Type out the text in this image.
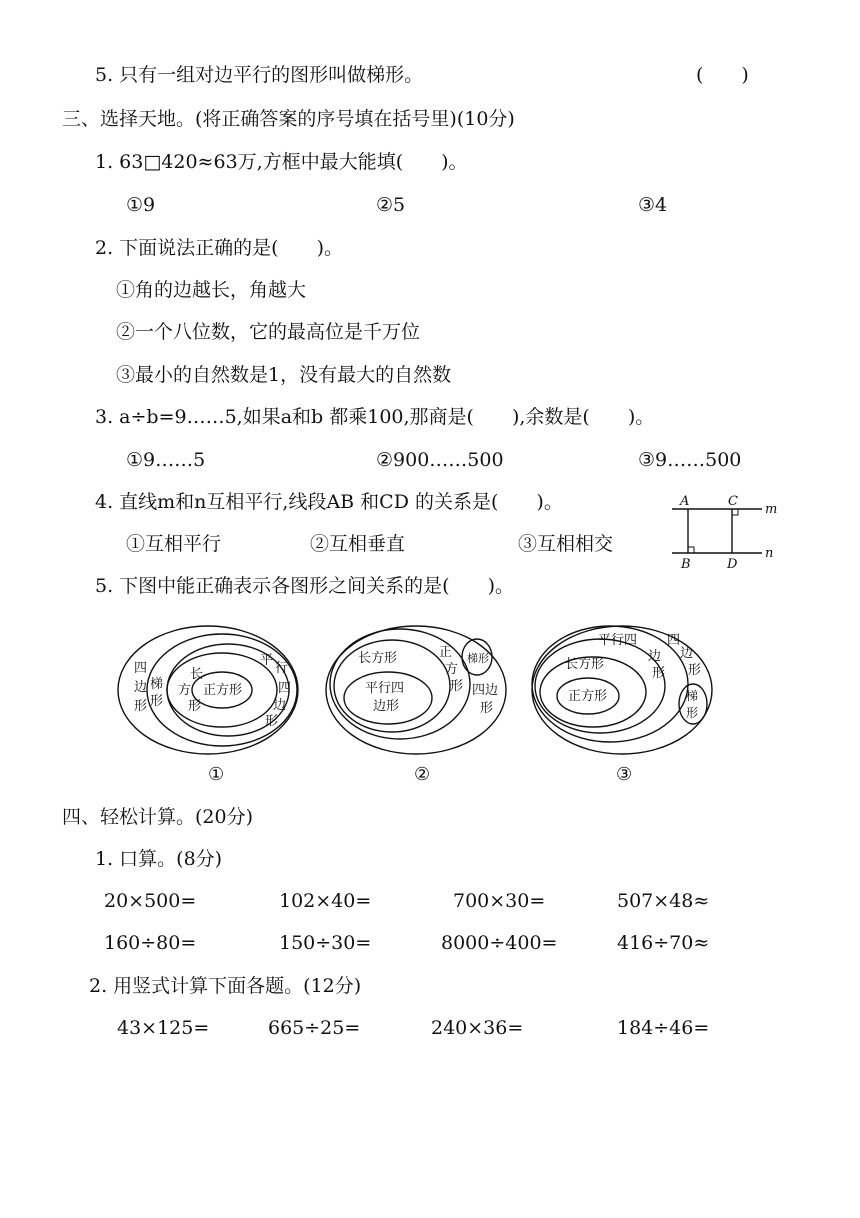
5. 只有一组对边平行的图形叫做梯形。	(　　)
三、选择天地。(将正确答案的序号填在括号里)(10分)
1. 63□420≈63万,方框中最大能填(　　)。
①9	②5	③4
2. 下面说法正确的是(　　)。
①角的边越长，角越大
②一个八位数，它的最高位是千万位
③最小的自然数是1，没有最大的自然数
3. a÷b=9……5,如果a和b 都乘100,那商是(　　),余数是(　　)。
①9……5	②900……500	③9……500
4. 直线m和n互相平行,线段AB 和CD 的关系是(　　)。
①互相平行	②互相垂直	③互相相交
A	C
B	D
m
n
5. 下图中能正确表示各图形之间关系的是(　　)。
四
边
形
梯
形
平
行
四
边
形
长
方
形
正方形
①
长方形
平行四
边形
正
方
形
梯形
四边
形
②
平行四
边
形
长方形
正方形
四
边
形
梯
形
③
四、轻松计算。(20分)
1. 口算。(8分)
20×500=	102×40=	700×30=	507×48≈
160÷80=	150÷30=	8000÷400=	416÷70≈
2. 用竖式计算下面各题。(12分)
43×125=	665÷25=	240×36=	184÷46=
